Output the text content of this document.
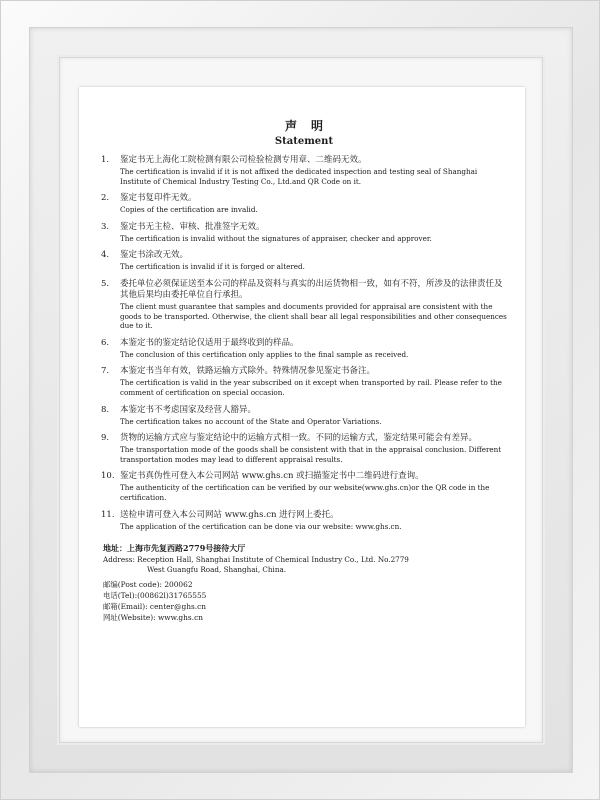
声明

Statement

1. 鉴定书无上海化工院检测有限公司检验检测专用章、二维码无效。

The certification is invalid if it is not affixed the dedicated inspection and testing seal of Shanghai Institute of Chemical Industry Testing Co., Ltd.and QR Code on it.

2. 鉴定书复印件无效。

Copies of the certification are invalid.

3. 鉴定书无主检、审核、批准签字无效。

The certification is invalid without the signatures of appraiser, checker and approver.

4. 鉴定书涂改无效。

The certification is invalid if it is forged or altered.

5. 委托单位必须保证送至本公司的样品及资料与真实的出运货物相一致，如有不符，所涉及的法律责任及其他后果均由委托单位自行承担。

The client must guarantee that samples and documents provided for appraisal are consistent with the goods to be transported. Otherwise, the client shall bear all legal responsibilities and other consequences due to it.

6. 本鉴定书的鉴定结论仅适用于最终收到的样品。

The conclusion of this certification only applies to the final sample as received.

7. 本鉴定书当年有效，铁路运输方式除外。特殊情况参见鉴定书备注。

The certification is valid in the year subscribed on it except when transported by rail. Please refer to the comment of certification on special occasion.

8. 本鉴定书不考虑国家及经营人豁异。

The certification takes no account of the State and Operator Variations.

9. 货物的运输方式应与鉴定结论中的运输方式相一致。不同的运输方式，鉴定结果可能会有差异。

The transportation mode of the goods shall be consistent with that in the appraisal conclusion. Different transportation modes may lead to different appraisal results.

10. 鉴定书真伪性可登入本公司网站 www.ghs.cn 或扫描鉴定书中二维码进行查询。

The authenticity of the certification can be verified by our website(www.ghs.cn)or the QR code in the certification.

11. 送检申请可登入本公司网站 www.ghs.cn 进行网上委托。

The application of the certification can be done via our website: www.ghs.cn.

地址：上海市先复西路2779号接待大厅

Address: Reception Hall, Shanghai Institute of Chemical Industry Co., Ltd. No.2779
West Guangfu Road, Shanghai, China.

邮编(Post code): 200062

电话(Tel):(00862l)31765555

邮箱(Email): center@ghs.cn

网址(Website): www.ghs.cn
